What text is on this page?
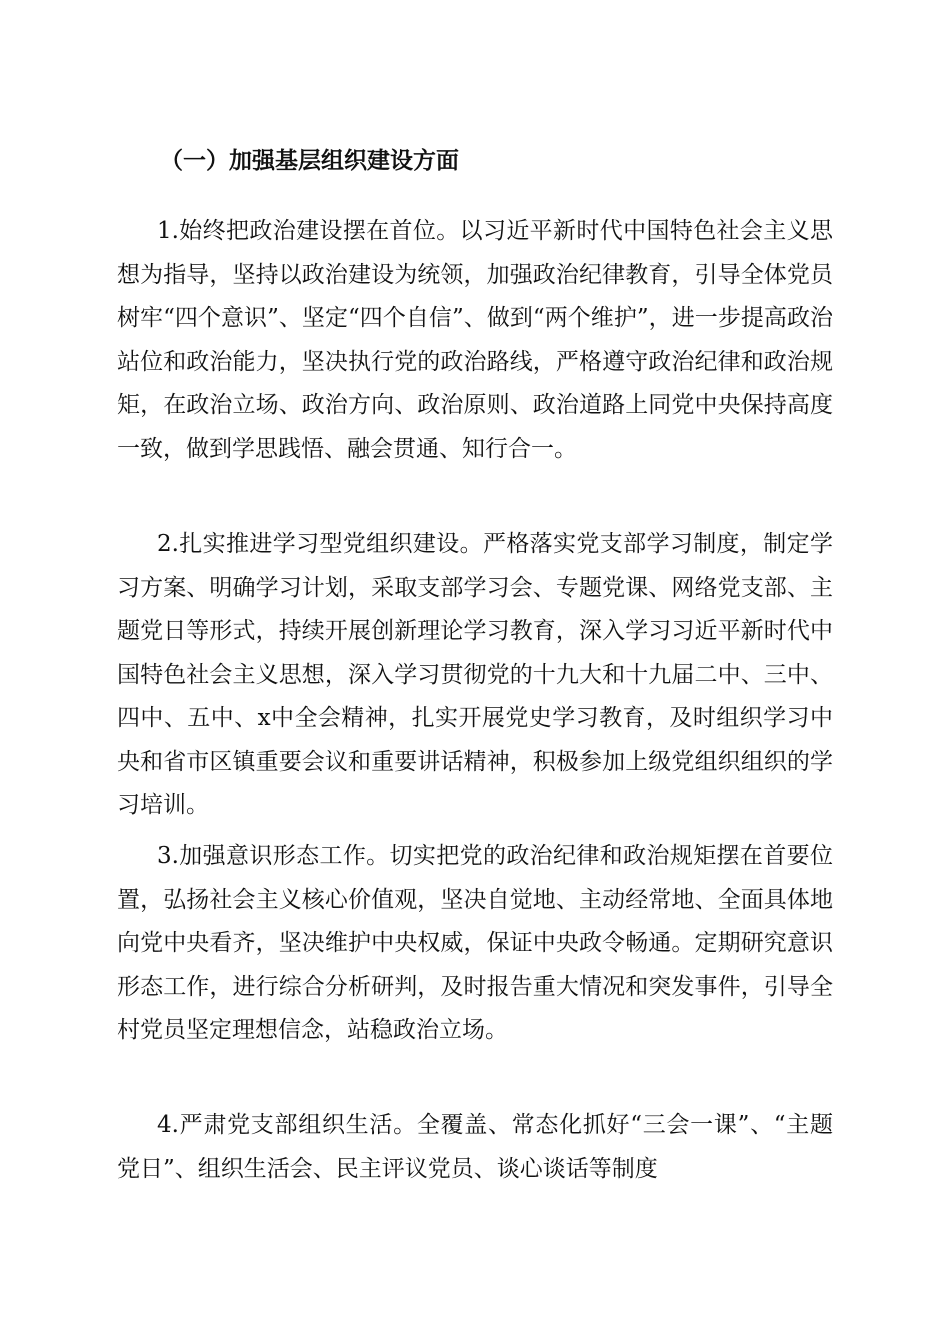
（一）加强基层组织建设方面

1.始终把政治建设摆在首位。以习近平新时代中国特色社会主义思想为指导，坚持以政治建设为统领，加强政治纪律教育，引导全体党员树牢“四个意识”、坚定“四个自信”、做到“两个维护”，进一步提高政治站位和政治能力，坚决执行党的政治路线，严格遵守政治纪律和政治规矩，在政治立场、政治方向、政治原则、政治道路上同党中央保持高度一致，做到学思践悟、融会贯通、知行合一。

2.扎实推进学习型党组织建设。严格落实党支部学习制度，制定学习方案、明确学习计划，采取支部学习会、专题党课、网络党支部、主题党日等形式，持续开展创新理论学习教育，深入学习习近平新时代中国特色社会主义思想，深入学习贯彻党的十九大和十九届二中、三中、四中、五中、x中全会精神，扎实开展党史学习教育，及时组织学习中央和省市区镇重要会议和重要讲话精神，积极参加上级党组织组织的学习培训。

3.加强意识形态工作。切实把党的政治纪律和政治规矩摆在首要位置，弘扬社会主义核心价值观，坚决自觉地、主动经常地、全面具体地向党中央看齐，坚决维护中央权威，保证中央政令畅通。定期研究意识形态工作，进行综合分析研判，及时报告重大情况和突发事件，引导全村党员坚定理想信念，站稳政治立场。

4.严肃党支部组织生活。全覆盖、常态化抓好“三会一课”、“主题党日”、组织生活会、民主评议党员、谈心谈话等制度
